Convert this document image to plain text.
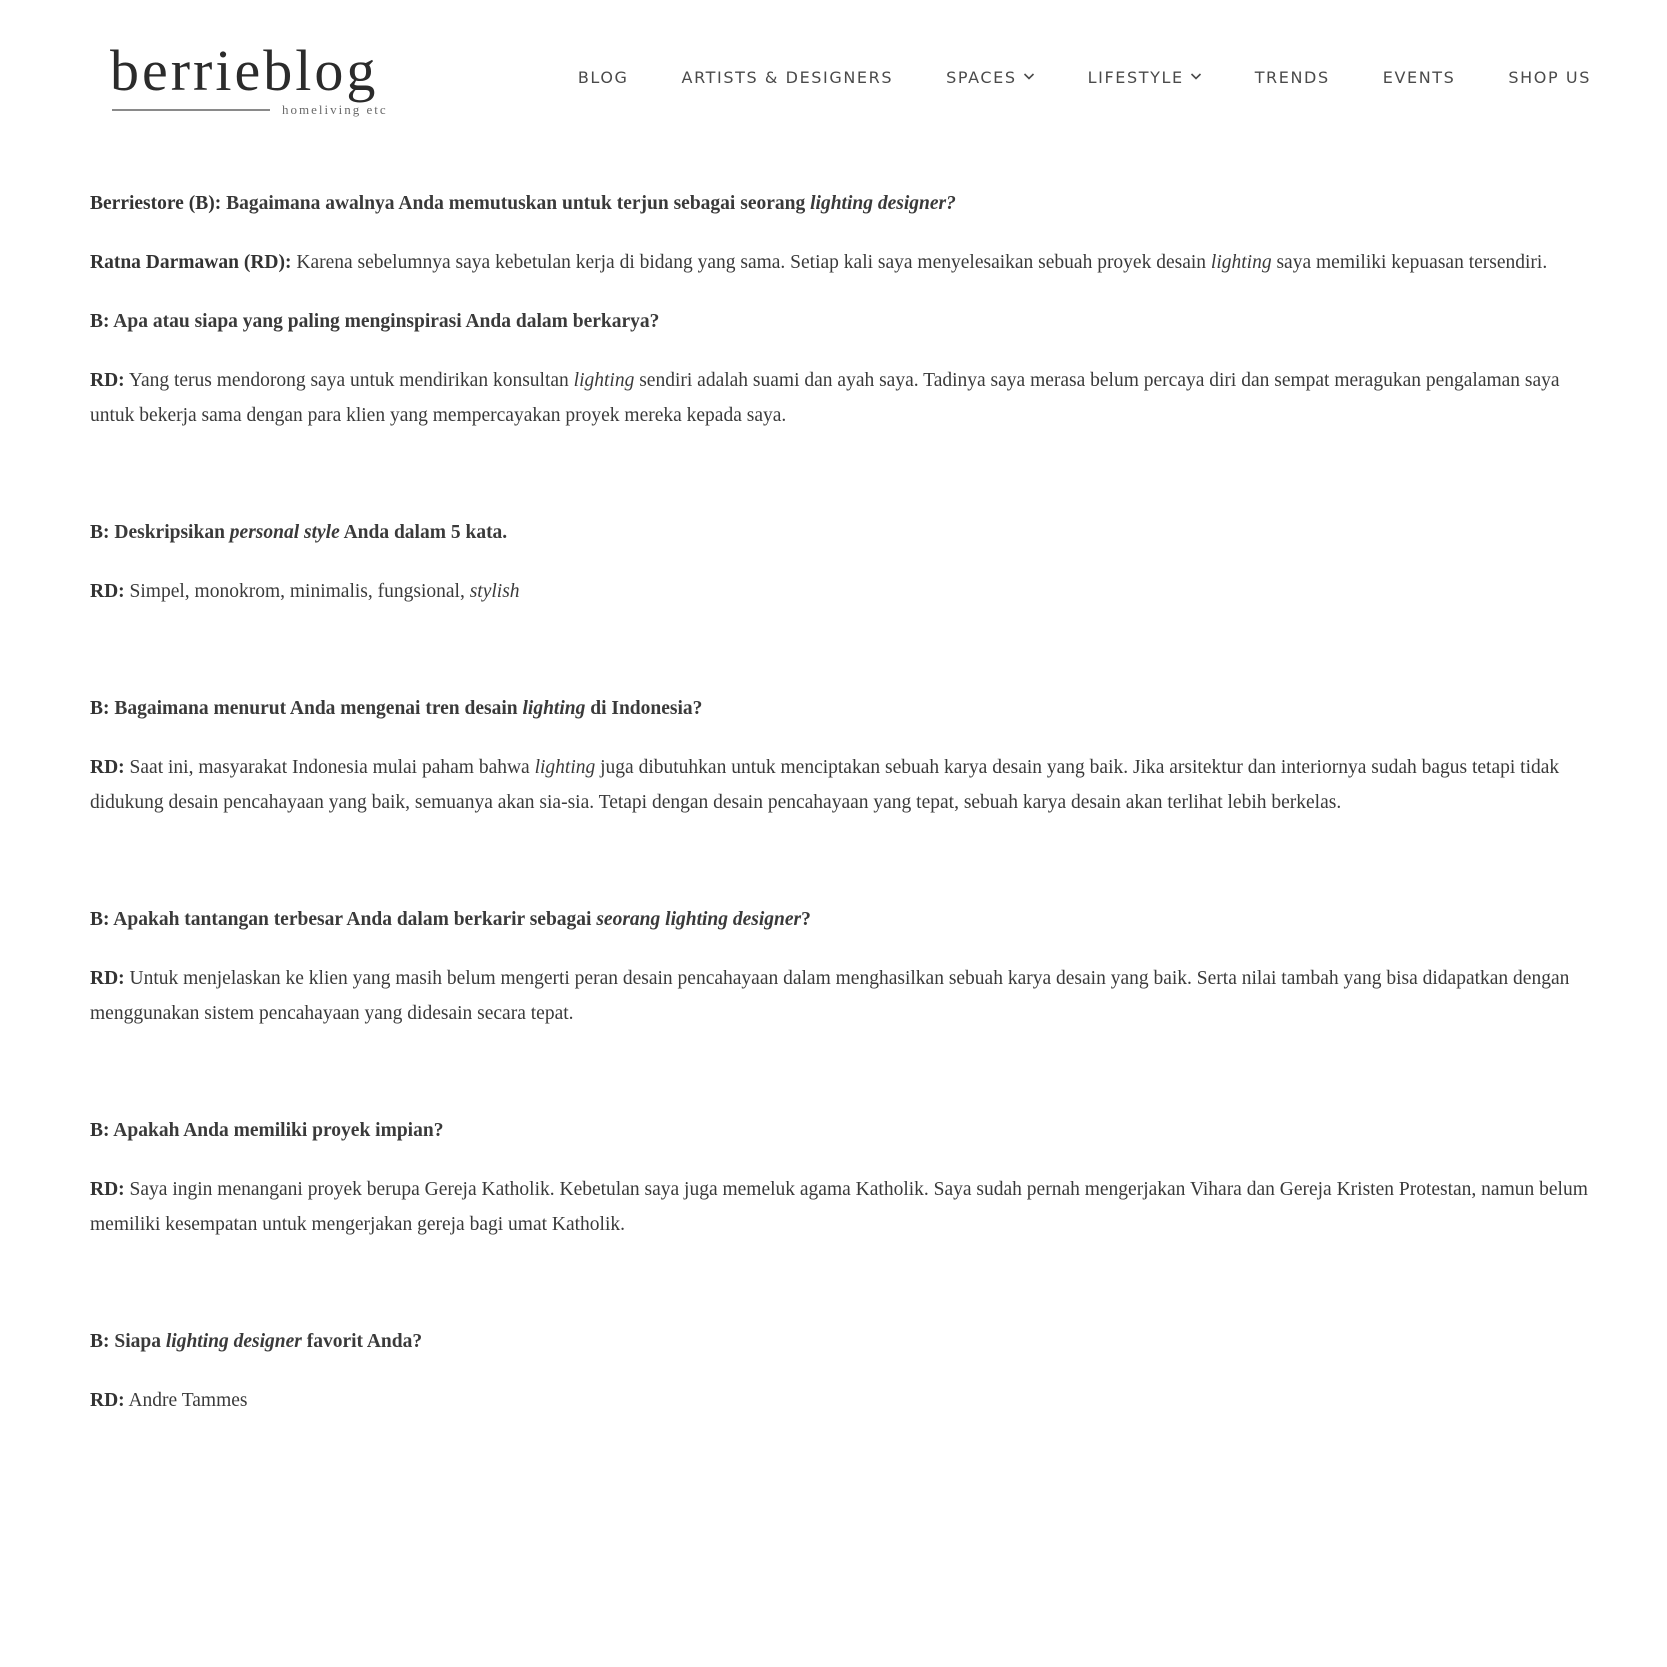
berrieblog
homeliving etc
BLOG	ARTISTS & DESIGNERS	SPACES	LIFESTYLE	TRENDS	EVENTS	SHOP US

Berriestore (B): Bagaimana awalnya Anda memutuskan untuk terjun sebagai seorang lighting designer?

Ratna Darmawan (RD): Karena sebelumnya saya kebetulan kerja di bidang yang sama. Setiap kali saya menyelesaikan sebuah proyek desain lighting saya memiliki kepuasan tersendiri.

B: Apa atau siapa yang paling menginspirasi Anda dalam berkarya?

RD: Yang terus mendorong saya untuk mendirikan konsultan lighting sendiri adalah suami dan ayah saya. Tadinya saya merasa belum percaya diri dan sempat meragukan pengalaman saya untuk bekerja sama dengan para klien yang mempercayakan proyek mereka kepada saya.

B: Deskripsikan personal style Anda dalam 5 kata.

RD: Simpel, monokrom, minimalis, fungsional, stylish

B: Bagaimana menurut Anda mengenai tren desain lighting di Indonesia?

RD: Saat ini, masyarakat Indonesia mulai paham bahwa lighting juga dibutuhkan untuk menciptakan sebuah karya desain yang baik. Jika arsitektur dan interiornya sudah bagus tetapi tidak didukung desain pencahayaan yang baik, semuanya akan sia-sia. Tetapi dengan desain pencahayaan yang tepat, sebuah karya desain akan terlihat lebih berkelas.

B: Apakah tantangan terbesar Anda dalam berkarir sebagai seorang lighting designer?

RD: Untuk menjelaskan ke klien yang masih belum mengerti peran desain pencahayaan dalam menghasilkan sebuah karya desain yang baik. Serta nilai tambah yang bisa didapatkan dengan menggunakan sistem pencahayaan yang didesain secara tepat.

B: Apakah Anda memiliki proyek impian?

RD: Saya ingin menangani proyek berupa Gereja Katholik. Kebetulan saya juga memeluk agama Katholik. Saya sudah pernah mengerjakan Vihara dan Gereja Kristen Protestan, namun belum memiliki kesempatan untuk mengerjakan gereja bagi umat Katholik.

B: Siapa lighting designer favorit Anda?

RD: Andre Tammes
